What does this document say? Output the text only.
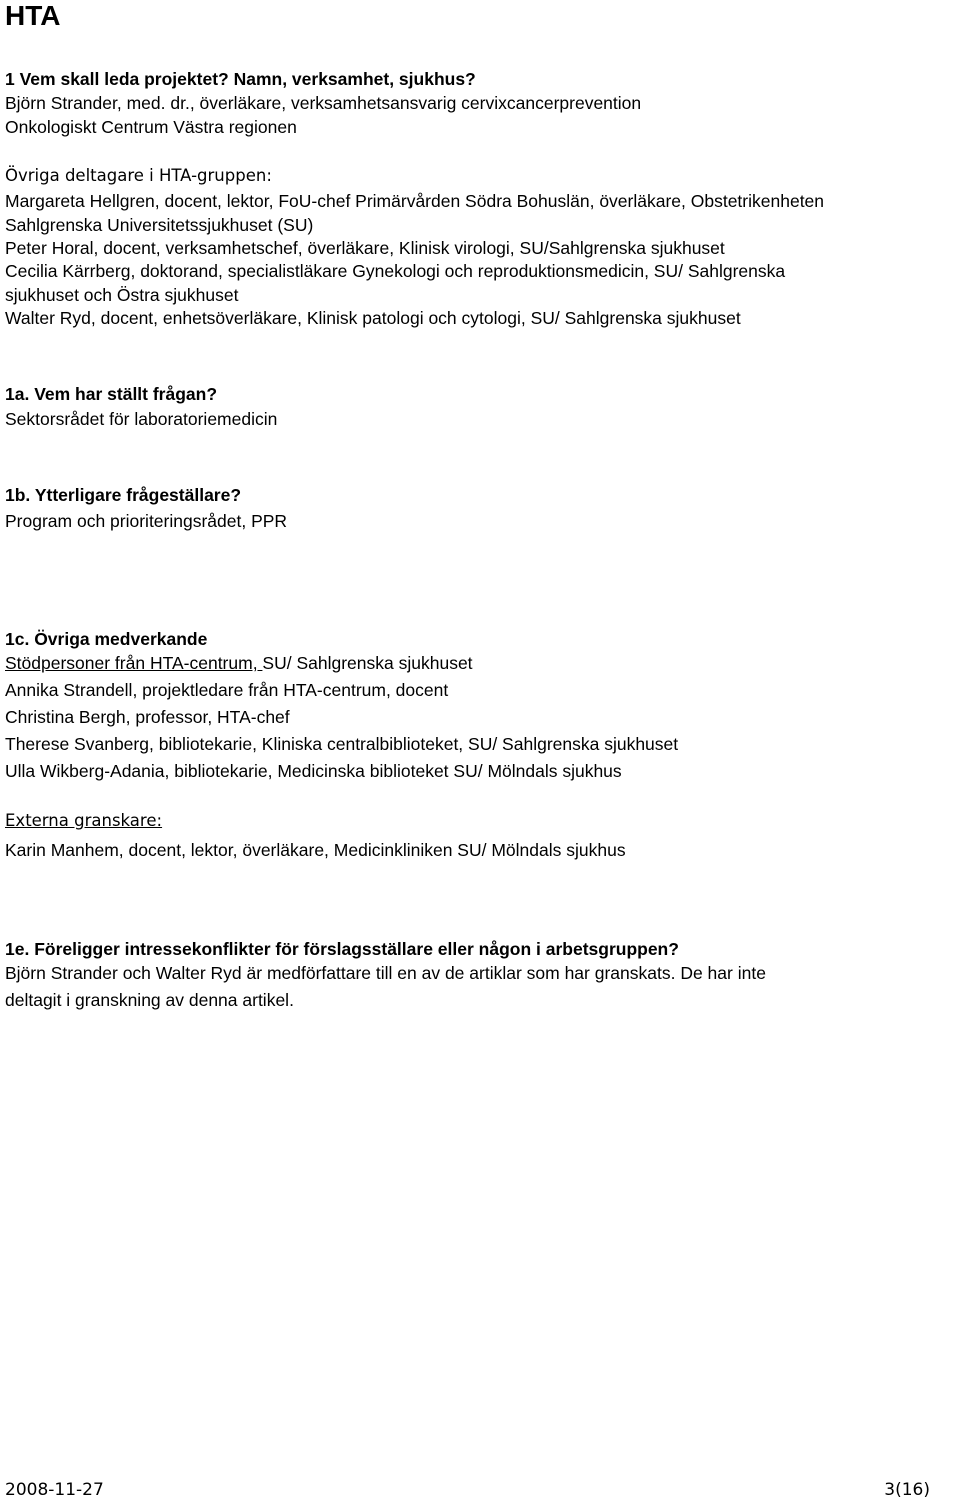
HTA
1 Vem skall leda projektet? Namn, verksamhet, sjukhus?
Björn Strander, med. dr., överläkare, verksamhetsansvarig cervixcancerprevention
Onkologiskt Centrum Västra regionen
Övriga deltagare i HTA-gruppen:
Margareta Hellgren, docent, lektor, FoU-chef Primärvården Södra Bohuslän, överläkare, Obstetrikenheten
Sahlgrenska Universitetssjukhuset (SU)
Peter Horal, docent, verksamhetschef, överläkare, Klinisk virologi, SU/Sahlgrenska sjukhuset
Cecilia Kärrberg, doktorand, specialistläkare Gynekologi och reproduktionsmedicin, SU/ Sahlgrenska
sjukhuset och Östra sjukhuset
Walter Ryd, docent, enhetsöverläkare, Klinisk patologi och cytologi, SU/ Sahlgrenska sjukhuset
1a. Vem har ställt frågan?
Sektorsrådet för laboratoriemedicin
1b. Ytterligare frågeställare?
Program och prioriteringsrådet, PPR
1c. Övriga medverkande
Stödpersoner från HTA-centrum, SU/ Sahlgrenska sjukhuset
Annika Strandell, projektledare från HTA-centrum, docent
Christina Bergh, professor, HTA-chef
Therese Svanberg, bibliotekarie, Kliniska centralbiblioteket, SU/ Sahlgrenska sjukhuset
Ulla Wikberg-Adania, bibliotekarie, Medicinska biblioteket SU/ Mölndals sjukhus
Externa granskare:
Karin Manhem, docent, lektor, överläkare, Medicinkliniken SU/ Mölndals sjukhus
1e. Föreligger intressekonflikter för förslagsställare eller någon i arbetsgruppen?
Björn Strander och Walter Ryd är medförfattare till en av de artiklar som har granskats. De har inte
deltagit i granskning av denna artikel.
2008-11-27	3(16)
